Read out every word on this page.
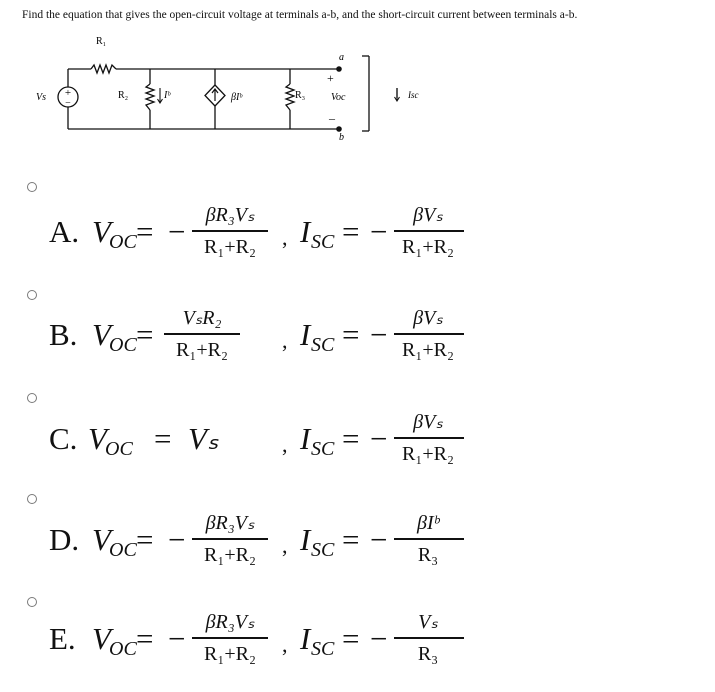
Find the equation that gives the open-circuit voltage at terminals a-b, and the short-circuit current between terminals a-b.

+
−
R₁
R₂	R₃
Vs	Iᵇ	βIᵇ
a
b
+
–
Voc	Isc
A. V
OC = −	βR₃Vₛ
R₁+R₂	, I SC = −	βVₛ
R₁+R₂
B. V
OC =	VₛR₂
R₁+R₂	, I SC = −	βVₛ
R₁+R₂
C. V
OC = Vₛ	, I SC = −	βVₛ
R₁+R₂
D. V
OC = −	βR₃Vₛ
R₁+R₂	, I SC = −	βIᵇ
R₃
E. V
OC = −	βR₃Vₛ
R₁+R₂	, I SC = −	Vₛ
R₃
